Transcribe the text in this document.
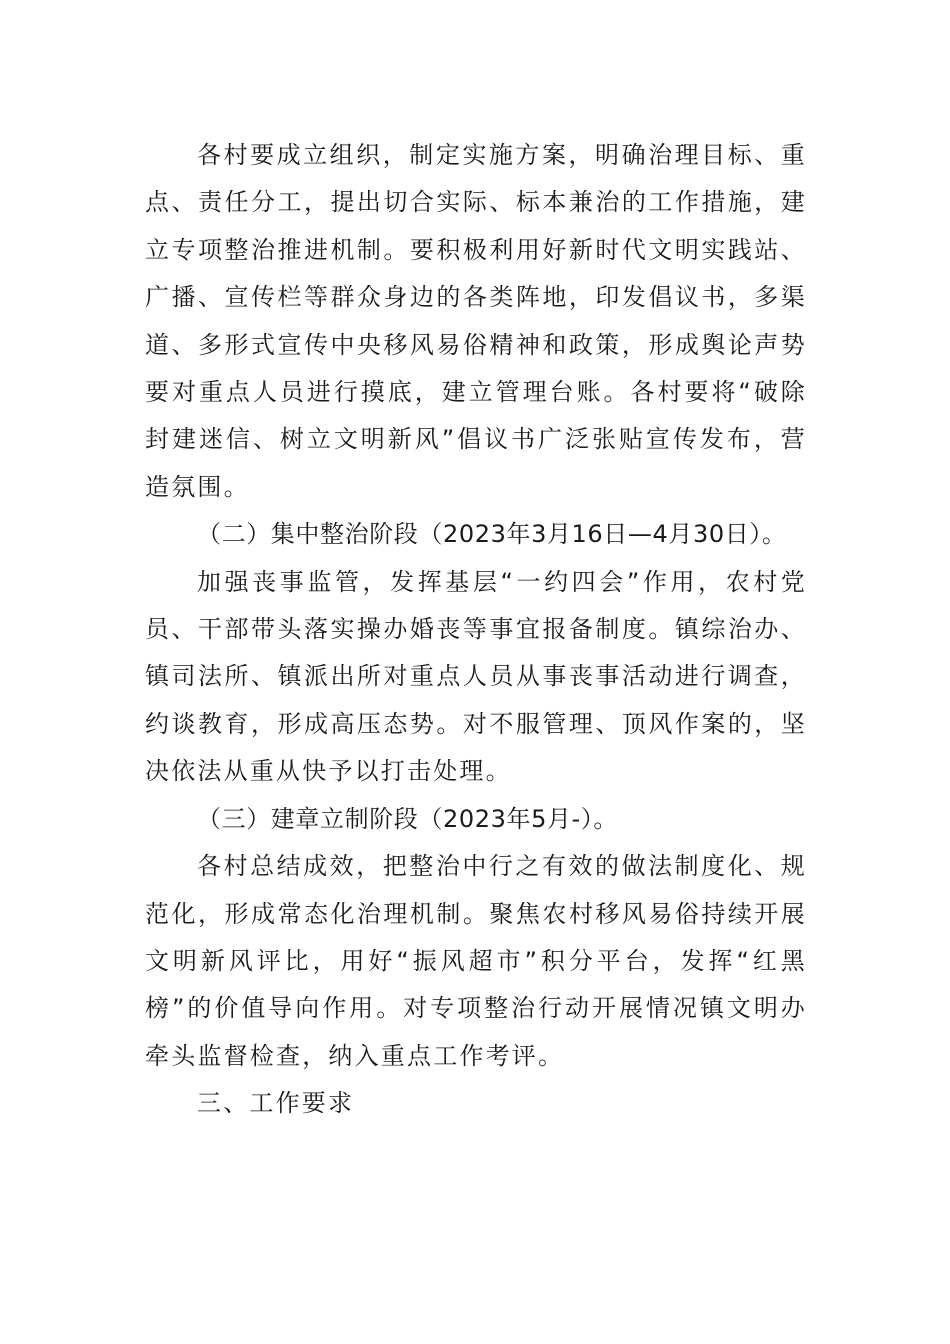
各村要成立组织，制定实施方案，明确治理目标、重点、责任分工，提出切合实际、标本兼治的工作措施，建立专项整治推进机制。要积极利用好新时代文明实践站、广播、宣传栏等群众身边的各类阵地，印发倡议书，多渠道、多形式宣传中央移风易俗精神和政策，形成舆论声势要对重点人员进行摸底，建立管理台账。各村要将“破除封建迷信、树立文明新风”倡议书广泛张贴宣传发布，营造氛围。

（二）集中整治阶段（2023年3月16日—4月30日）。

加强丧事监管，发挥基层“一约四会”作用，农村党员、干部带头落实操办婚丧等事宜报备制度。镇综治办、镇司法所、镇派出所对重点人员从事丧事活动进行调查，约谈教育，形成高压态势。对不服管理、顶风作案的，坚决依法从重从快予以打击处理。

（三）建章立制阶段（2023年5月-）。

各村总结成效，把整治中行之有效的做法制度化、规范化，形成常态化治理机制。聚焦农村移风易俗持续开展文明新风评比，用好“振风超市”积分平台，发挥“红黑榜”的价值导向作用。对专项整治行动开展情况镇文明办牵头监督检查，纳入重点工作考评。

三、工作要求
